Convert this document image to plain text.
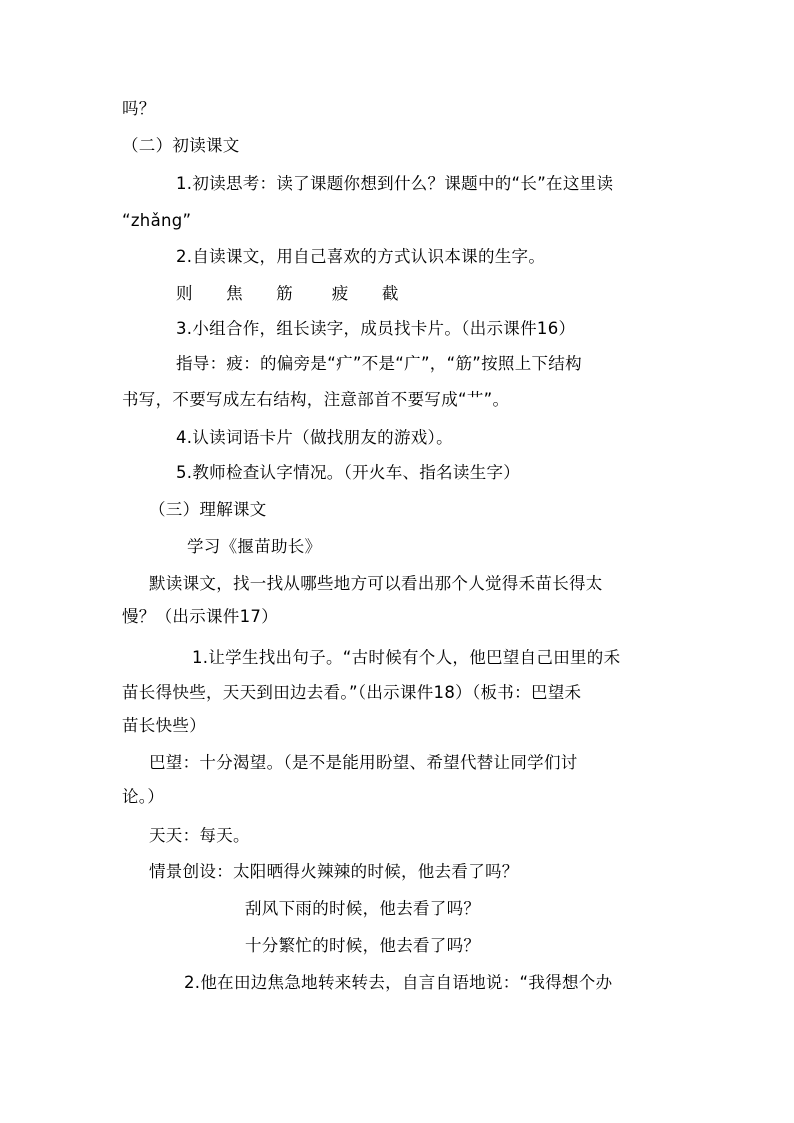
吗？
（二）初读课文
1.初读思考：读了课题你想到什么？课题中的“长”在这里读
“zhǎng”
2.自读课文，用自己喜欢的方式认识本课的生字。
则      焦      筋       疲      截
3.小组合作，组长读字，成员找卡片。（出示课件16）
指导：疲：的偏旁是“疒”不是“广”，“筋”按照上下结构
书写，不要写成左右结构，注意部首不要写成“艹”。
4.认读词语卡片（做找朋友的游戏）。
5.教师检查认字情况。（开火车、指名读生字）
（三）理解课文
学习《揠苗助长》
默读课文，找一找从哪些地方可以看出那个人觉得禾苗长得太
慢？（出示课件17）
1.让学生找出句子。“古时候有个人，他巴望自己田里的禾
苗长得快些，天天到田边去看。”（出示课件18）（板书：巴望禾
苗长快些）
巴望：十分渴望。（是不是能用盼望、希望代替让同学们讨
论。）
天天：每天。
情景创设：太阳晒得火辣辣的时候，他去看了吗？
刮风下雨的时候，他去看了吗？
十分繁忙的时候，他去看了吗？
2.他在田边焦急地转来转去，自言自语地说：“我得想个办
